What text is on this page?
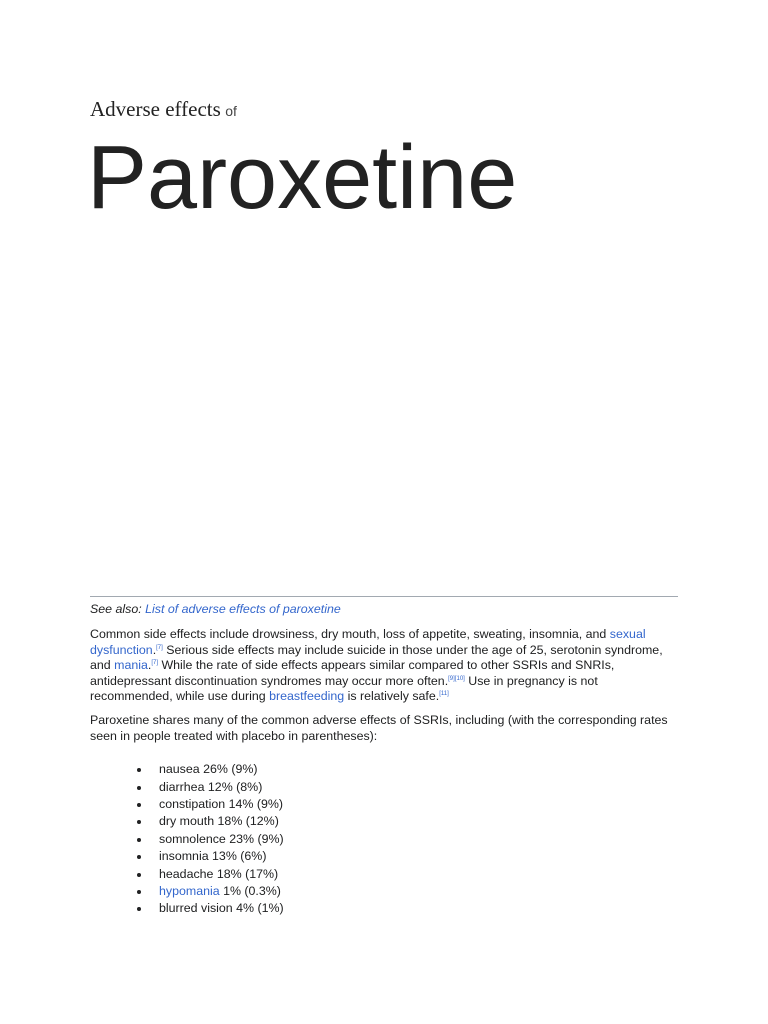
Adverse effects of
Paroxetine
See also: List of adverse effects of paroxetine

Common side effects include drowsiness, dry mouth, loss of appetite, sweating, insomnia, and sexual dysfunction.[7] Serious side effects may include suicide in those under the age of 25, serotonin syndrome, and mania.[7] While the rate of side effects appears similar compared to other SSRIs and SNRIs, antidepressant discontinuation syndromes may occur more often.[9][10] Use in pregnancy is not recommended, while use during breastfeeding is relatively safe.[11]

Paroxetine shares many of the common adverse effects of SSRIs, including (with the corresponding rates seen in people treated with placebo in parentheses):

nausea 26% (9%)
diarrhea 12% (8%)
constipation 14% (9%)
dry mouth 18% (12%)
somnolence 23% (9%)
insomnia 13% (6%)
headache 18% (17%)
hypomania 1% (0.3%)
blurred vision 4% (1%)
